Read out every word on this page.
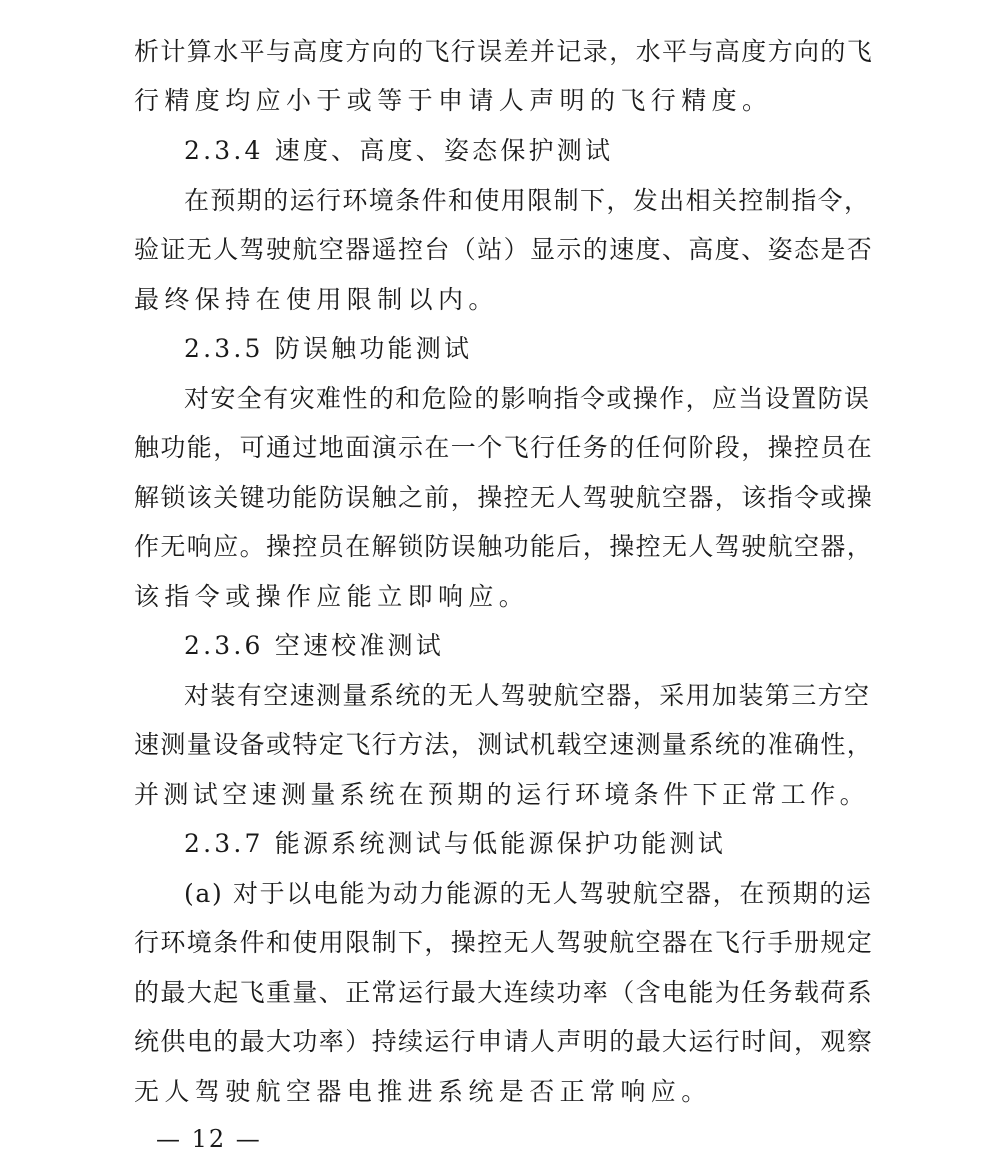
析计算水平与高度方向的飞行误差并记录，水平与高度方向的飞
行精度均应小于或等于申请人声明的飞行精度。
2.3.4 速度、高度、姿态保护测试
在预期的运行环境条件和使用限制下，发出相关控制指令，
验证无人驾驶航空器遥控台（站）显示的速度、高度、姿态是否
最终保持在使用限制以内。
2.3.5 防误触功能测试
对安全有灾难性的和危险的影响指令或操作，应当设置防误
触功能，可通过地面演示在一个飞行任务的任何阶段，操控员在
解锁该关键功能防误触之前，操控无人驾驶航空器，该指令或操
作无响应。操控员在解锁防误触功能后，操控无人驾驶航空器，
该指令或操作应能立即响应。
2.3.6 空速校准测试
对装有空速测量系统的无人驾驶航空器，采用加装第三方空
速测量设备或特定飞行方法，测试机载空速测量系统的准确性，
并测试空速测量系统在预期的运行环境条件下正常工作。
2.3.7 能源系统测试与低能源保护功能测试
(a) 对于以电能为动力能源的无人驾驶航空器，在预期的运
行环境条件和使用限制下，操控无人驾驶航空器在飞行手册规定
的最大起飞重量、正常运行最大连续功率（含电能为任务载荷系
统供电的最大功率）持续运行申请人声明的最大运行时间，观察
无人驾驶航空器电推进系统是否正常响应。
— 12 —
